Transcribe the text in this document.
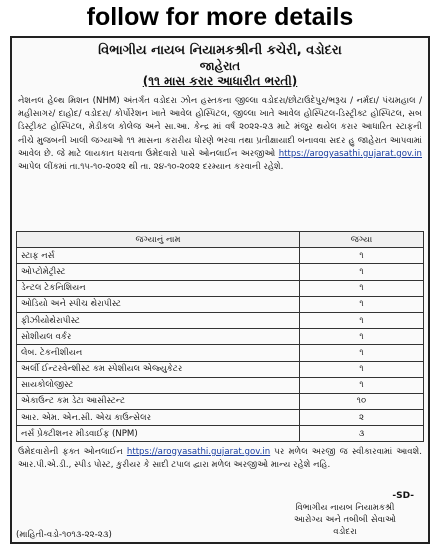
follow for more details
વિભાગીય નાયબ નિયામકશ્રીની કચેરી, વડોદરા
જાહેરાત
(૧૧ માસ કરાર આધારીત ભરતી)
નેશનલ હેલ્થ મિશન (NHM) અંતર્ગત વડોદરા ઝોન હસ્તકના જીલ્લા વડોદરા/છોટાઉદેપુર/ભરૂચ / નર્મદા/ પંચમહાલ / મહીસાગર/ દાહોદ/ વડોદરા/ કોર્પોરેશન ખાતે આવેલ હોસ્પિટલ, જીલ્લા ખાતે આવેલ હોસ્પિટલ-ડિસ્ટ્રીક્ટ હોસ્પિટલ, સબ ડિસ્ટ્રીક્ટ હોસ્પિટલ, મેડીકલ કોલેજ અને સા.આ. કેન્દ્ર માં વર્ષ ૨૦૨૨-૨૩ માટે મંજુર થયેલ કરાર આધારિત સ્ટાફની નીચે મુજબની ખાલી જગ્યાઓ ૧૧ માસના કરારીય ધોરણે ભરવા તથા પ્રતીક્ષાયાદી બનાવવા સદર હુ જાહેરાત આપવામાં આવેલ છે. જે માટે લાયકાત ધરાવતા ઉમેદવારો પાસે ઓનલાઈન અરજીઓ https://arogyasathi.gujarat.gov.in આપેલ લીંકમાં તા.૧૫-૧૦-૨૦૨૨ થી તા. ૨૪-૧૦-૨૦૨૨ દરમ્યાન કરવાની રહેશે.
જગ્યાનું નામ	જગ્યા
સ્ટાફ નર્સ	૧
ઓપ્ટોમેટ્રીસ્ટ	૧
ડેન્ટલ ટેકનિશિયન	૧
ઓડિયો અને સ્પીચ થેરાપીસ્ટ	૧
ફીઝીયોથેરાપીસ્ટ	૧
સોશીયલ વર્કર	૧
લેબ. ટેકનીશીયન	૧
અર્લી ઈન્ટરવેન્શીસ્ટ કમ સ્પેશીયલ એજ્યુકેટર	૧
સાયકોલોજીસ્ટ	૧
એકાઉન્ટ કમ ડેટા આસીસ્ટન્ટ	૧૦
આર. એમ. એન.સી. એચ કાઉન્સેલર	૨
નર્સ પ્રેક્ટીશનર મીડવાઈફ (NPM)	૩
ઉમેદવારોની ફક્ત ઓનલાઈન https://arogyasathi.gujarat.gov.in પર મળેલ અરજી જ સ્વીકારવામાં આવશે. આર.પી.એ.ડી., સ્પીડ પોસ્ટ, કુરીયર કે સાદી ટપાલ દ્વારા મળેલ અરજીઓ માન્ય રહેશે નહિ.
-SD-
વિભાગીય નાયબ નિયામકશ્રી
આરોગ્ય અને તબીબી સેવાઓ
વડોદરા
(માહિતી-વડો-૧૦૧૩-૨૨-૨૩)
